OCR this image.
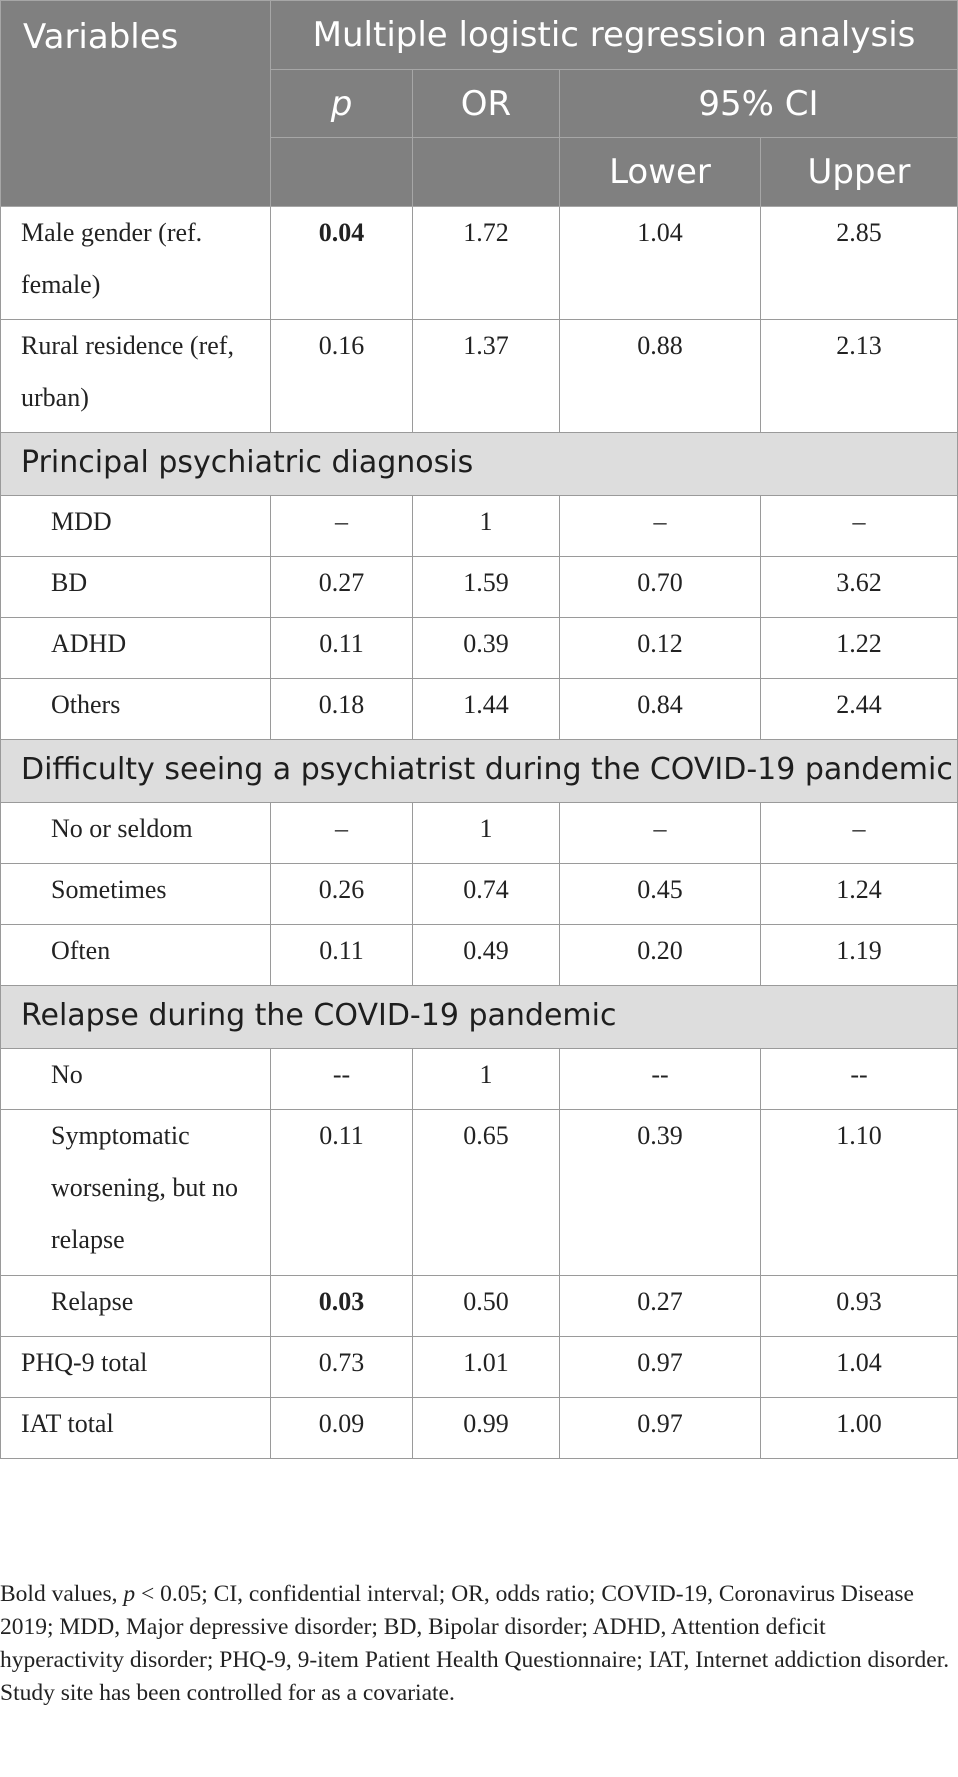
Variables	Multiple logistic regression analysis			
	p	OR	95% CI	
			Lower	Upper
Male gender (ref. female)	0.04	1.72	1.04	2.85
Rural residence (ref, urban)	0.16	1.37	0.88	2.13
Principal psychiatric diagnosis				
MDD	–	1	–	–
BD	0.27	1.59	0.70	3.62
ADHD	0.11	0.39	0.12	1.22
Others	0.18	1.44	0.84	2.44
Difficulty seeing a psychiatrist during the COVID-19 pandemic				
No or seldom	–	1	–	–
Sometimes	0.26	0.74	0.45	1.24
Often	0.11	0.49	0.20	1.19
Relapse during the COVID-19 pandemic				
No	--	1	--	--
Symptomatic worsening, but no relapse	0.11	0.65	0.39	1.10
Relapse	0.03	0.50	0.27	0.93
PHQ-9 total	0.73	1.01	0.97	1.04
IAT total	0.09	0.99	0.97	1.00
Bold values, p < 0.05; CI, confidential interval; OR, odds ratio; COVID-19, Coronavirus Disease 2019; MDD, Major depressive disorder; BD, Bipolar disorder; ADHD, Attention deficit hyperactivity disorder; PHQ-9, 9-item Patient Health Questionnaire; IAT, Internet addiction disorder. Study site has been controlled for as a covariate.
